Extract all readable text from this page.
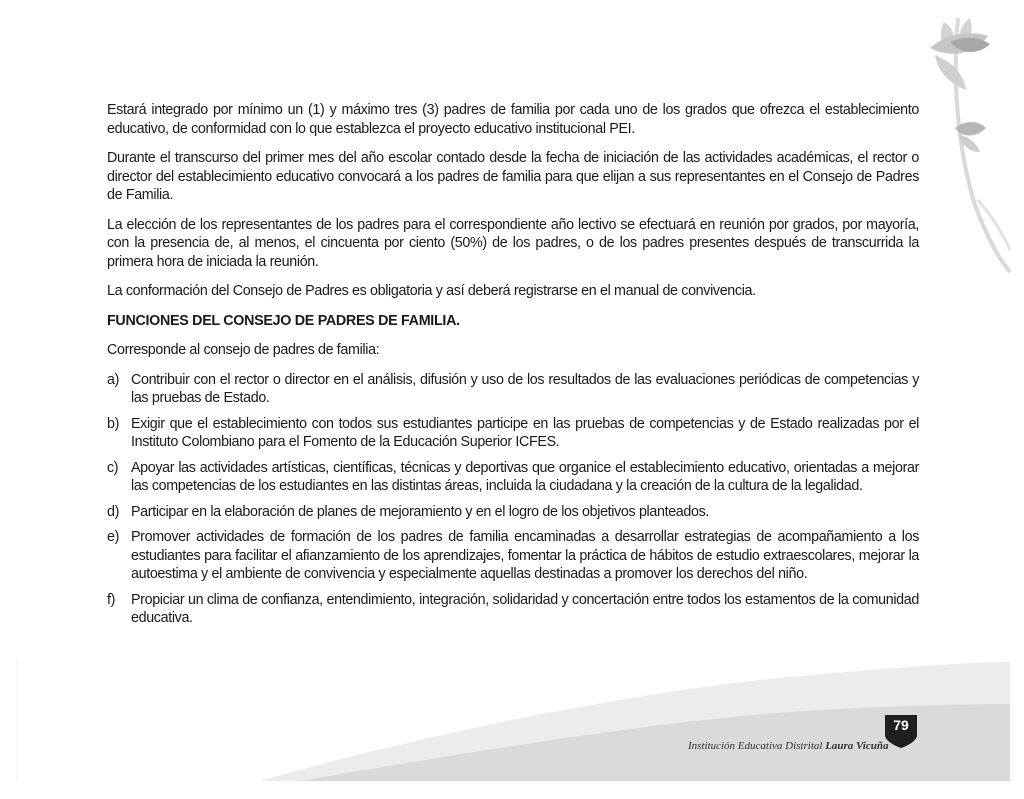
Estará integrado por mínimo un (1) y máximo tres (3) padres de familia por cada uno de los grados que ofrezca el establecimiento educativo, de conformidad con lo que establezca el proyecto educativo institucional PEI.

Durante el transcurso del primer mes del año escolar contado desde la fecha de iniciación de las actividades académicas, el rector o director del establecimiento educativo convocará a los padres de familia para que elijan a sus representantes en el Consejo de Padres de Familia.

La elección de los representantes de los padres para el correspondiente año lectivo se efectuará en reunión por grados, por mayoría, con la presencia de, al menos, el cincuenta por ciento (50%) de los padres, o de los padres presentes después de transcurrida la primera hora de iniciada la reunión.

La conformación del Consejo de Padres es obligatoria y así deberá registrarse en el manual de convivencia.

FUNCIONES DEL CONSEJO DE PADRES DE FAMILIA.

Corresponde al consejo de padres de familia:

a) Contribuir con el rector o director en el análisis, difusión y uso de los resultados de las evaluaciones periódicas de competencias y las pruebas de Estado.
b) Exigir que el establecimiento con todos sus estudiantes participe en las pruebas de competencias y de Estado realizadas por el Instituto Colombiano para el Fomento de la Educación Superior ICFES.
c) Apoyar las actividades artísticas, científicas, técnicas y deportivas que organice el establecimiento educativo, orientadas a mejorar las competencias de los estudiantes en las distintas áreas, incluida la ciudadana y la creación de la cultura de la legalidad.
d) Participar en la elaboración de planes de mejoramiento y en el logro de los objetivos planteados.
e) Promover actividades de formación de los padres de familia encaminadas a desarrollar estrategias de acompañamiento a los estudiantes para facilitar el afianzamiento de los aprendizajes, fomentar la práctica de hábitos de estudio extraescolares, mejorar la autoestima y el ambiente de convivencia y especialmente aquellas destinadas a promover los derechos del niño.
f) Propiciar un clima de confianza, entendimiento, integración, solidaridad y concertación entre todos los estamentos de la comunidad educativa.
Institución Educativa Distrital Laura Vicuña
79
